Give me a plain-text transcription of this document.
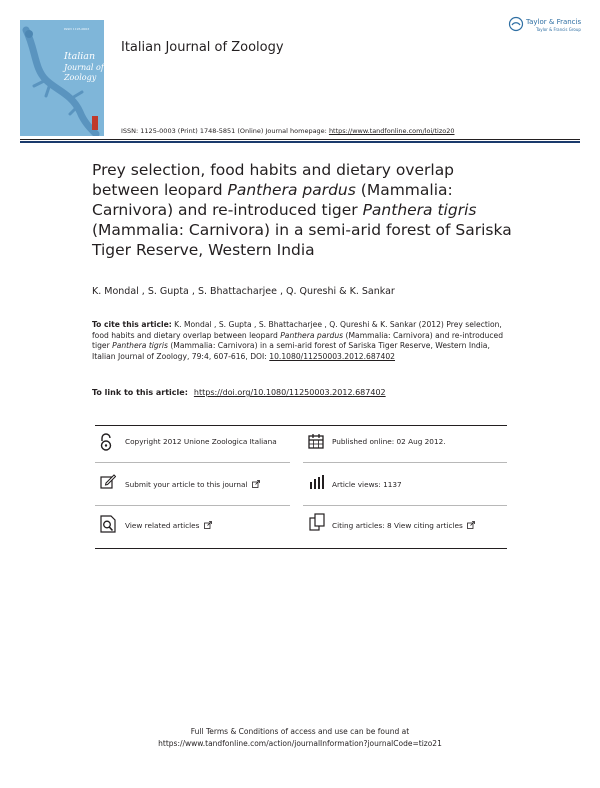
ISSN 1125-0003
Italian
Journal of
Zoology
Italian Journal of Zoology
Taylor & Francis
Taylor & Francis Group
ISSN: 1125-0003 (Print) 1748-5851 (Online) Journal homepage: https://www.tandfonline.com/loi/tizo20
Prey selection, food habits and dietary overlap between leopard Panthera pardus (Mammalia: Carnivora) and re-introduced tiger Panthera tigris (Mammalia: Carnivora) in a semi-arid forest of Sariska Tiger Reserve, Western India
K. Mondal , S. Gupta , S. Bhattacharjee , Q. Qureshi & K. Sankar
To cite this article: K. Mondal , S. Gupta , S. Bhattacharjee , Q. Qureshi & K. Sankar (2012) Prey selection, food habits and dietary overlap between leopard Panthera pardus (Mammalia: Carnivora) and re-introduced tiger Panthera tigris (Mammalia: Carnivora) in a semi-arid forest of Sariska Tiger Reserve, Western India, Italian Journal of Zoology, 79:4, 607-616, DOI: 10.1080/11250003.2012.687402
To link to this article: https://doi.org/10.1080/11250003.2012.687402
Copyright 2012 Unione Zoologica Italiana	Published online: 02 Aug 2012.
Submit your article to this journal	Article views: 1137
View related articles	Citing articles: 8 View citing articles
Full Terms & Conditions of access and use can be found at
https://www.tandfonline.com/action/journalInformation?journalCode=tizo21
